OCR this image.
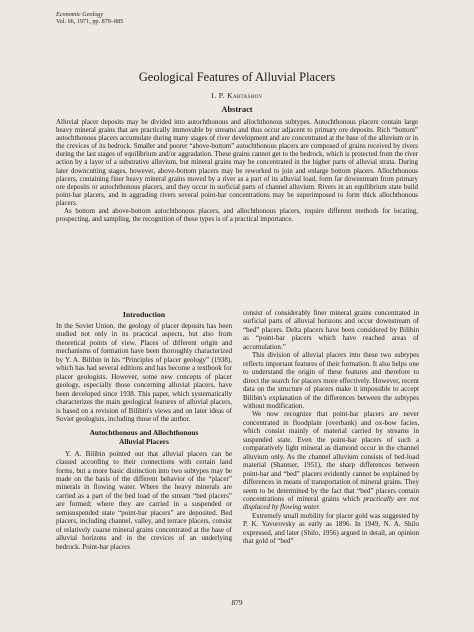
Economic Geology
Vol. 66, 1971, pp. 879–885
Geological Features of Alluvial Placers
I. P. Kartashov
Abstract

Alluvial placer deposits may be divided into autochthonous and allochthonous subtypes. Autochthonous placers contain large heavy mineral grains that are practically immovable by streams and thus occur adjacent to primary ore deposits. Rich “bottom” autochthonous placers accumulate during many stages of river development and are concentrated at the base of the alluvium or in the crevices of its bedrock. Smaller and poorer “above-bottom” autochthonous placers are composed of grains received by rivers during the last stages of equilibrium and/or aggradation. These grains cannot get to the bedrock, which is protected from the river action by a layer of a substrative alluvium, but mineral grains may be concentrated in the higher parts of alluvial strata. During later downcutting stages, however, above-bottom placers may be reworked to join and enlarge bottom placers. Allochthonous placers, containing finer heavy mineral grains moved by a river as a part of its alluvial load, form far downstream from primary ore deposits or autochthonous placers, and they occur in surficial parts of channel alluvium. Rivers in an equilibrium state build point-bar placers, and in aggrading rivers several point-bar concentrations may be superimposed to form thick allochthonous placers.

As bottom and above-bottom autochthonous placers, and allochthonous placers, require different methods for locating, prospecting, and sampling, the recognition of these types is of a practical importance.

Introduction

In the Soviet Union, the geology of placer deposits has been studied not only in its practical aspects, but also from theoretical points of view. Places of different origin and mechanisms of formation have been thoroughly characterized by Y. A. Bilibin in his “Principles of placer geology” (1938), which has had several editions and has become a textbook for placer geologists. However, some new concepts of placer geology, especially those concerning alluvial placers, have been developed since 1938. This paper, which systematically characterizes the main geological features of alluvial placers, is based on a revision of Bilibin's views and on later ideas of Soviet geologists, including those of the author.

Autochthonous and Allochthonous
Alluvial Placers

Y. A. Bilibin pointed out that alluvial placers can be classed according to their connections with certain land forms, but a more basic distinction into two subtypes may be made on the basis of the different behavior of the “placer” minerals in flowing water. Where the heavy minerals are carried as a part of the bed load of the stream “bed placers” are formed; where they are carried in a suspended or semisuspended state “point-bar placers” are deposited. Bed placers, including channel, valley, and terrace placers, consist of relatively coarse mineral grains concentrated at the base of alluvial horizons and in the crevices of an underlying bedrock. Point-bar placers

consist of considerably finer mineral grains concentrated in surficial parts of alluvial horizons and occur downstream of “bed” placers. Delta placers have been considered by Bilibin as “point-bar placers which have reached areas of accumulation.”

This division of alluvial placers into these two subtypes reflects important features of their formation. It also helps one to understand the origin of these features and therefore to direct the search for placers more effectively. However, recent data on the structure of placers make it impossible to accept Bilibin's explanation of the differences between the subtypes without modification.

We now recognize that point-bar placers are never concentrated in floodplain (overbank) and ox-bow facies, which consist mainly of material carried by streams in suspended state. Even the point-bar placers of such a comparatively light mineral as diamond occur in the channel alluvium only. As the channel alluvium consists of bed-load material (Shantser, 1951), the sharp differences between point-bar and “bed” placers evidently cannot be explained by differences in means of transportation of mineral grains. They seem to be determined by the fact that “bed” placers contain concentrations of mineral grains which practically are not displaced by flowing water.

Extremely small mobility for placer gold was suggested by P. K. Yavorovsky as early as 1896. In 1949, N. A. Shilo expressed, and later (Shilo, 1956) argued in detail, an opinion that gold of “bed”

879
